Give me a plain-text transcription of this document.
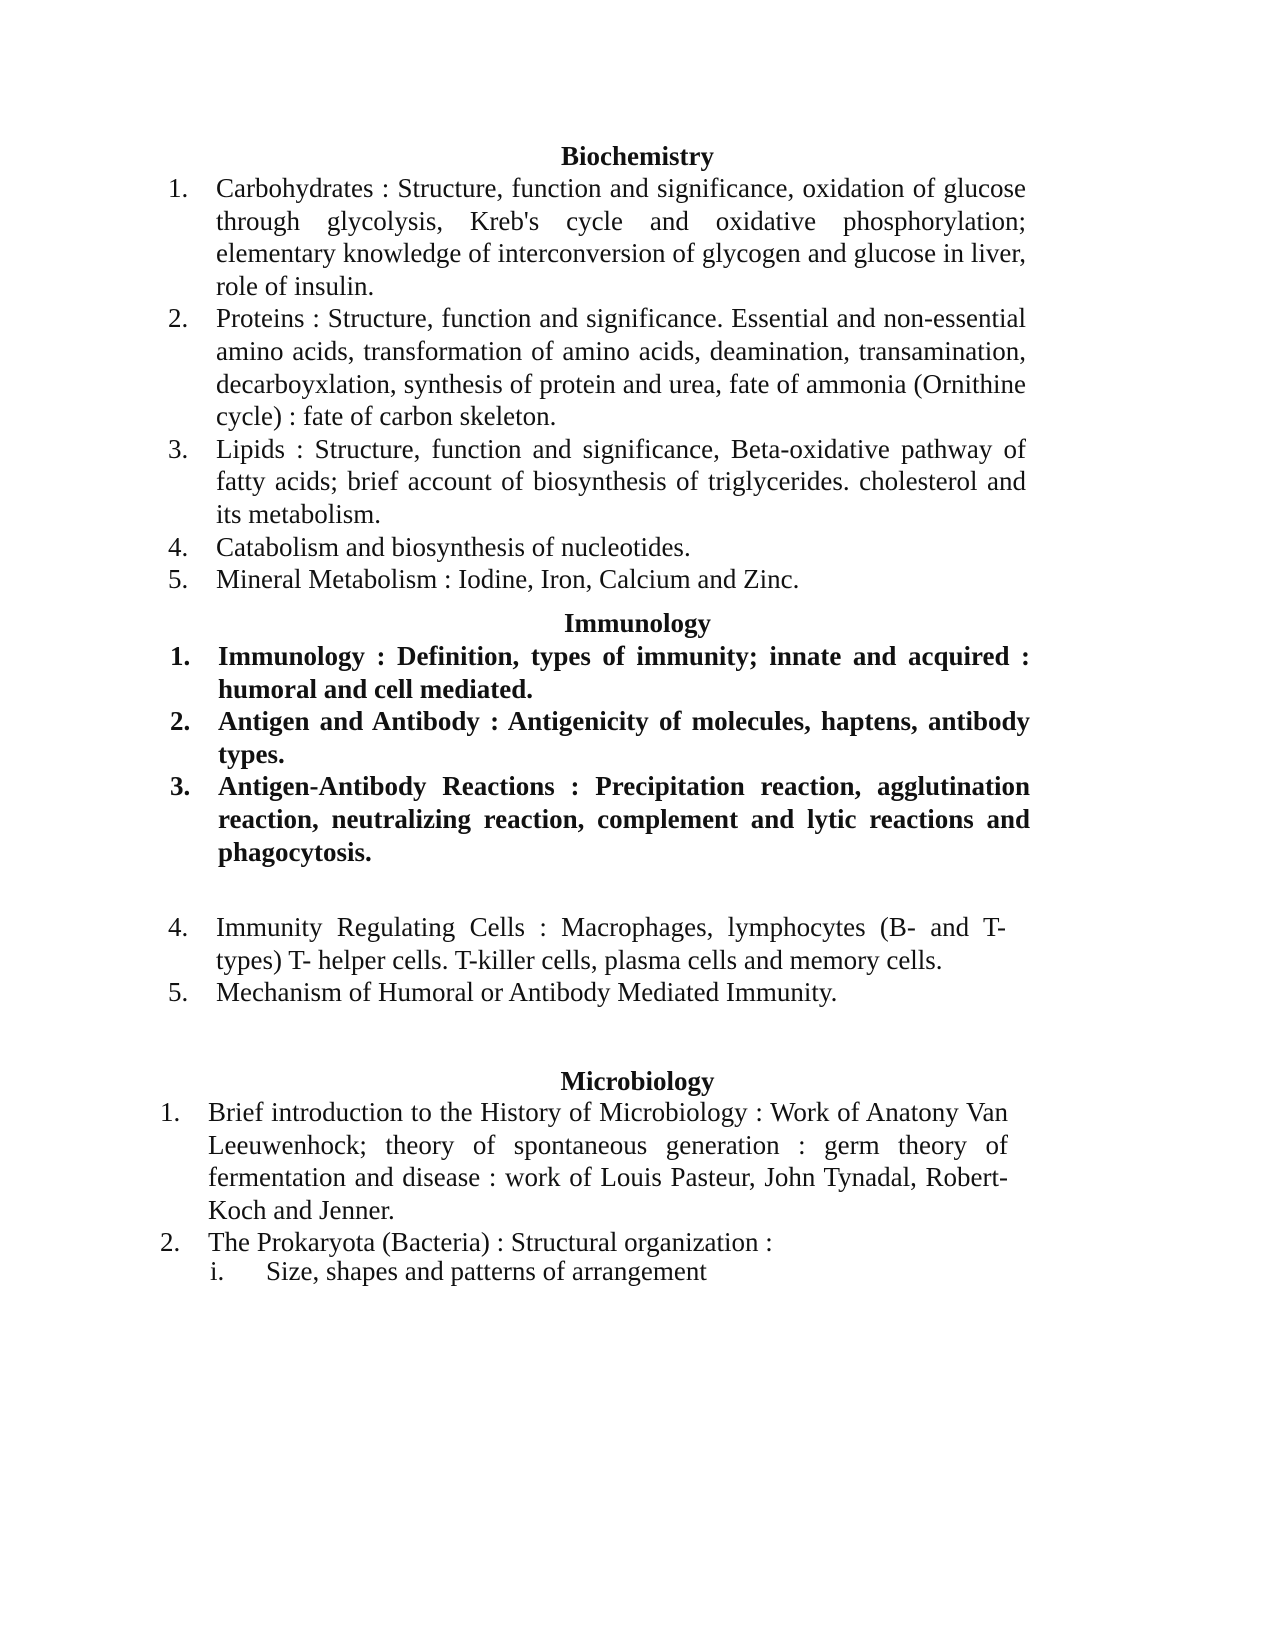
Biochemistry
1. Carbohydrates : Structure, function and significance, oxidation of glucose through glycolysis, Kreb's cycle and oxidative phosphorylation; elementary knowledge of interconversion of glycogen and glucose in liver, role of insulin.
2. Proteins : Structure, function and significance. Essential and non-essential amino acids, transformation of amino acids, deamination, transamination, decarboyxlation, synthesis of protein and urea, fate of ammonia (Ornithine cycle) : fate of carbon skeleton.
3. Lipids : Structure, function and significance, Beta-oxidative pathway of fatty acids; brief account of biosynthesis of triglycerides. cholesterol and its metabolism.
4. Catabolism and biosynthesis of nucleotides.
5. Mineral Metabolism : Iodine, Iron, Calcium and Zinc.
Immunology
1. Immunology : Definition, types of immunity; innate and acquired : humoral and cell mediated.
2. Antigen and Antibody : Antigenicity of molecules, haptens, antibody types.
3. Antigen-Antibody Reactions : Precipitation reaction, agglutination reaction, neutralizing reaction, complement and lytic reactions and phagocytosis.
4. Immunity Regulating Cells : Macrophages, lymphocytes (B- and T- types) T- helper cells. T-killer cells, plasma cells and memory cells.
5. Mechanism of Humoral or Antibody Mediated Immunity.
Microbiology
1. Brief introduction to the History of Microbiology : Work of Anatony Van Leeuwenhock; theory of spontaneous generation : germ theory of fermentation and disease : work of Louis Pasteur, John Tynadal, Robert-Koch and Jenner.
2. The Prokaryota (Bacteria) : Structural organization :
i. Size, shapes and patterns of arrangement
